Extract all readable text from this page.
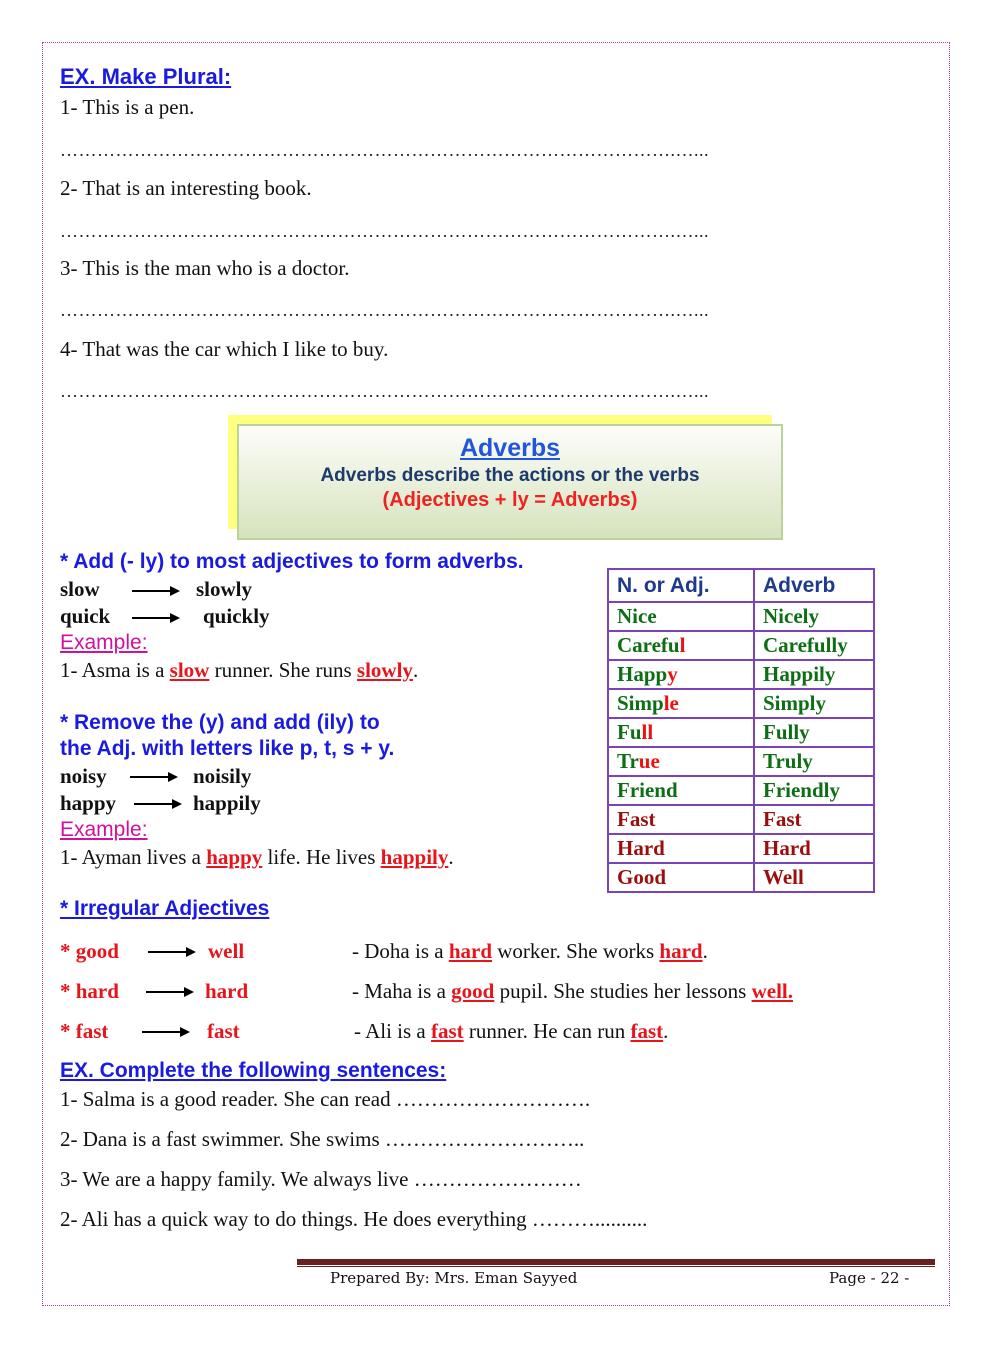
EX. Make Plural:
1- This is a pen.
……………………………………………………………………………………….…...
2- That is an interesting book.
……………………………………………………………………………………….…...
3- This is the man who is a doctor.
……………………………………………………………………………………….…...
4- That was the car which I like to buy.
……………………………………………………………………………………….…...
Adverbs
Adverbs describe the actions or the verbs
(Adjectives + ly = Adverbs)
* Add (- ly) to most adjectives to form adverbs.
slow	slowly
quick	quickly
Example:
1- Asma is a slow runner. She runs slowly.
* Remove the (y) and add (ily) to
the Adj. with letters like p, t, s + y.
noisy	noisily
happy	happily
Example:
1- Ayman lives a happy life. He lives happily.
N. or Adj.	Adverb
Nice	Nicely
Careful	Carefully
Happy	Happily
Simple	Simply
Full	Fully
True	Truly
Friend	Friendly
Fast	Fast
Hard	Hard
Good	Well
* Irregular Adjectives
* good	well	- Doha is a hard worker. She works hard.
* hard	hard	- Maha is a good pupil. She studies her lessons well.
* fast	fast	- Ali is a fast runner. He can run fast.
EX. Complete the following sentences:
1- Salma is a good reader. She can read ……………………….
2- Dana is a fast swimmer. She swims ………………………..
3- We are a happy family. We always live ……………………
2- Ali has a quick way to do things. He does everything ………..........
Prepared By: Mrs. Eman Sayyed	Page - 22 -
